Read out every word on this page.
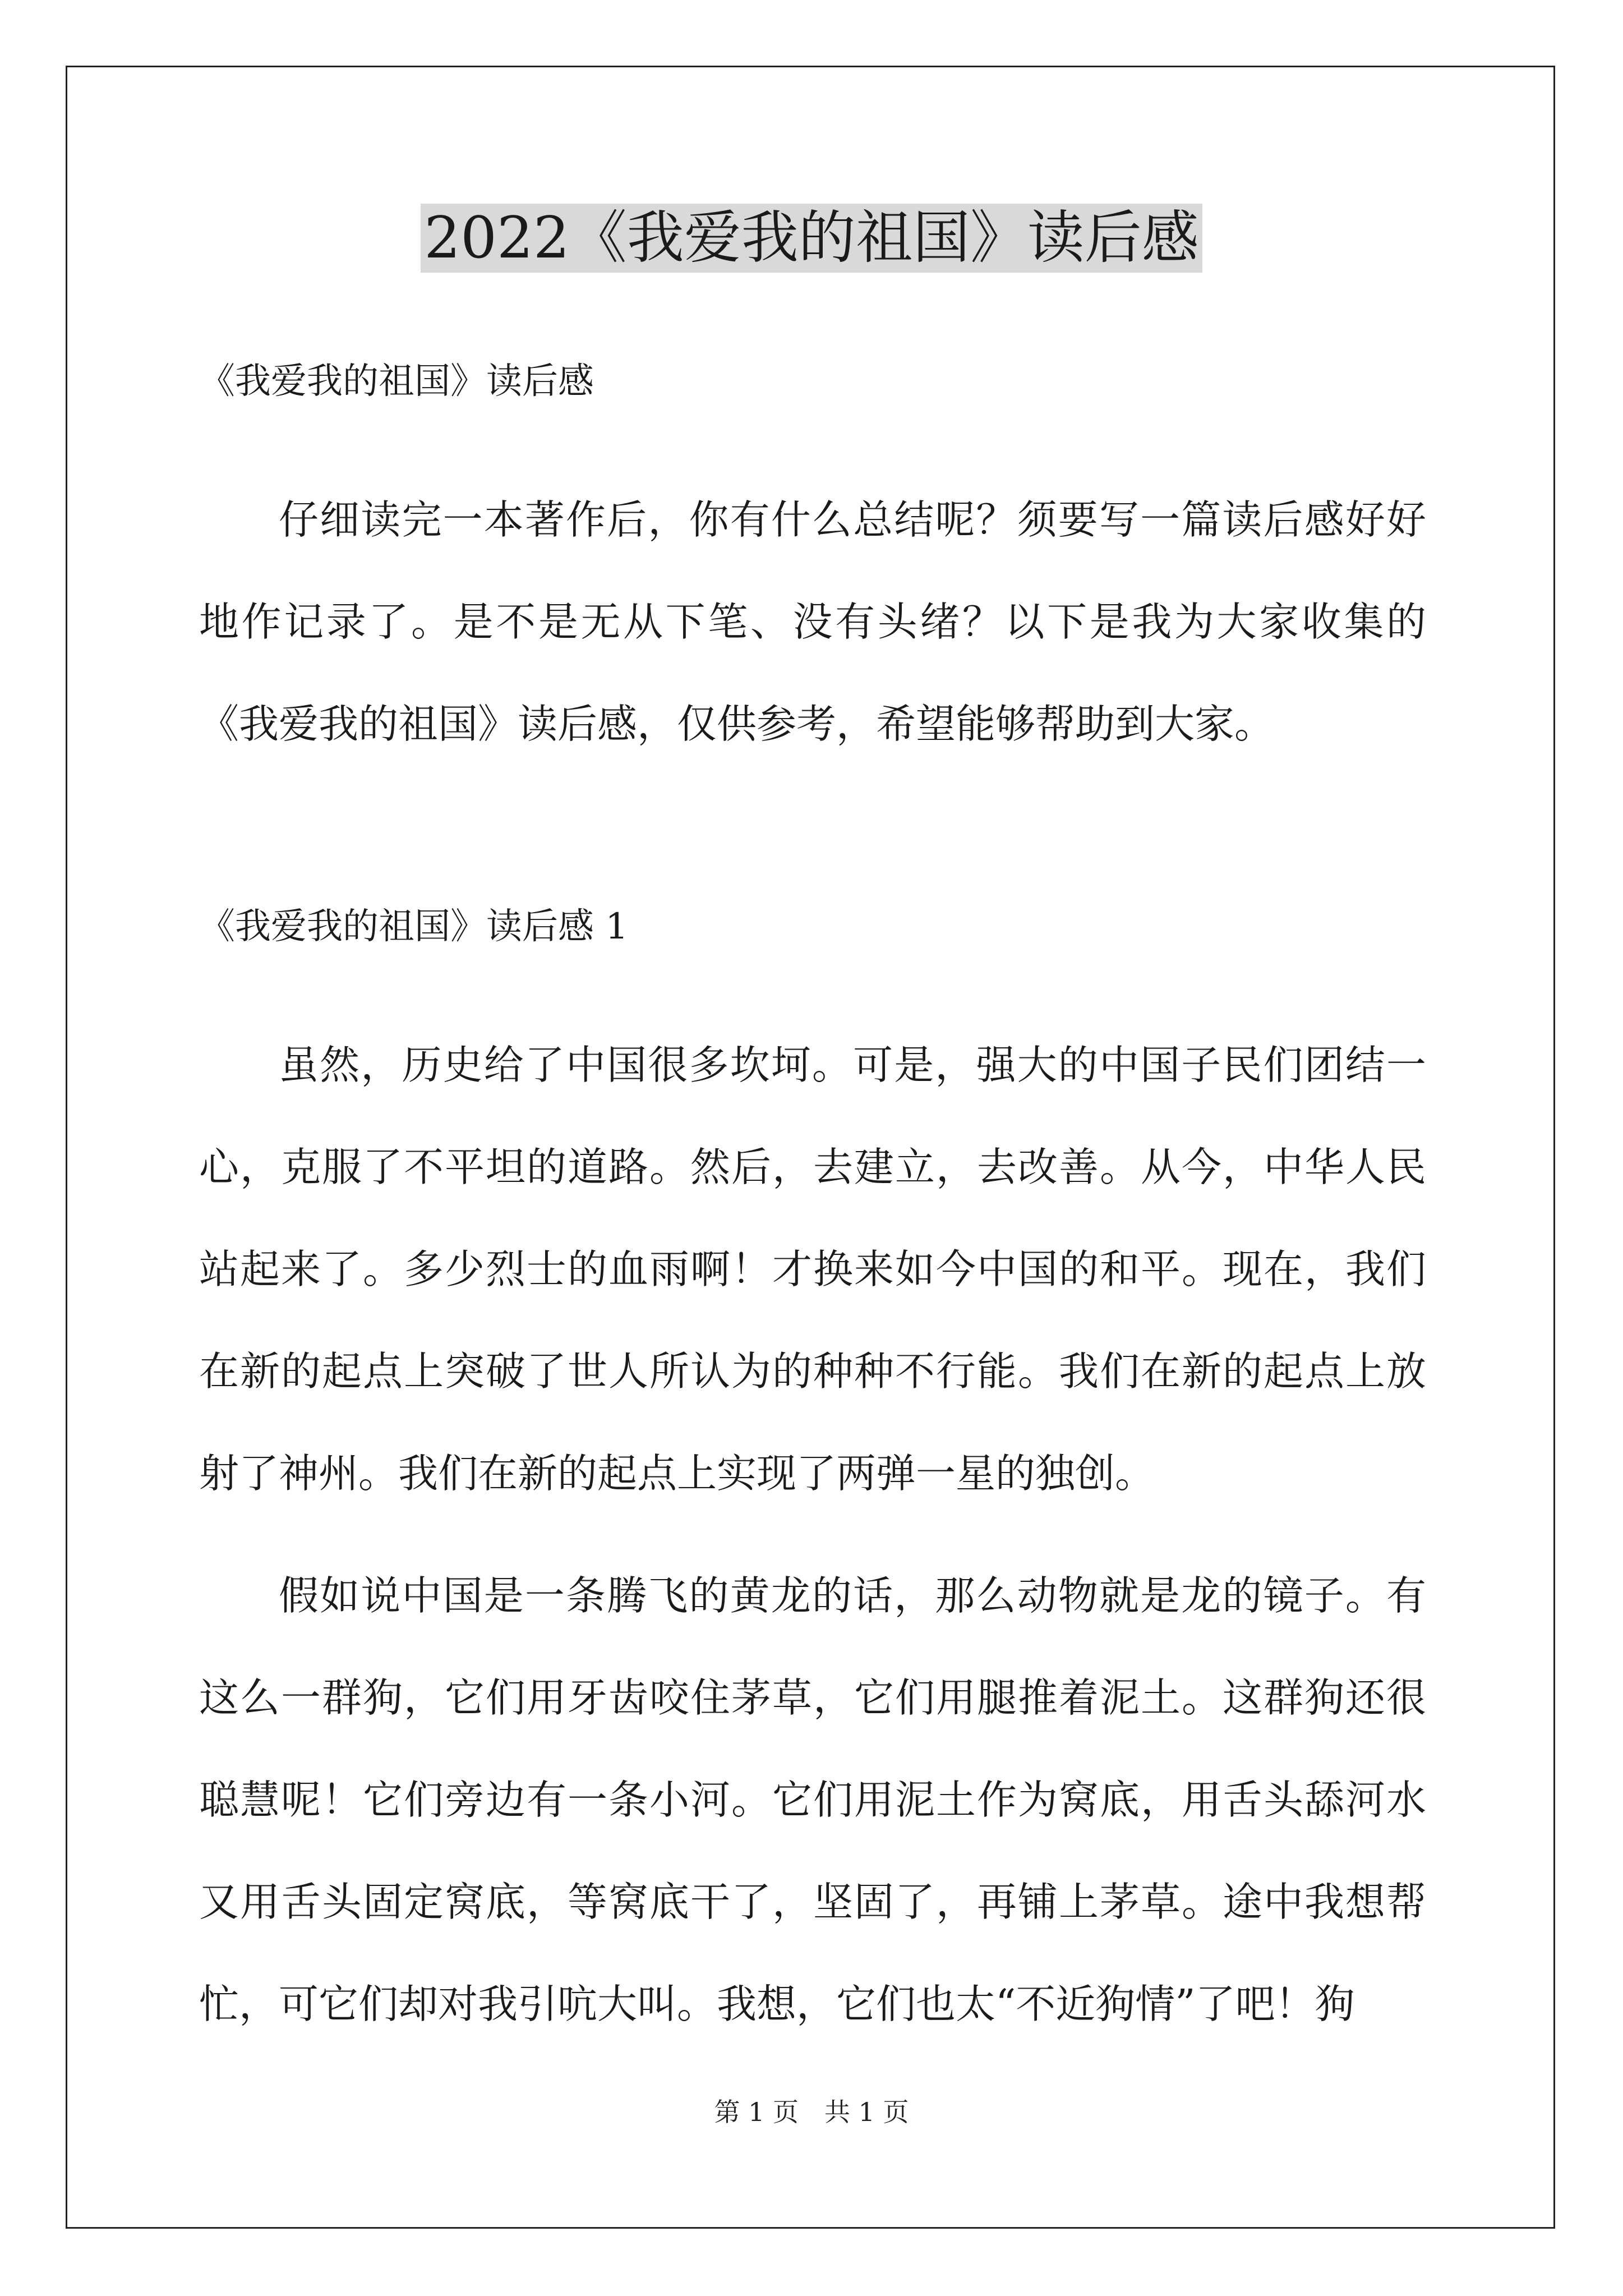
2022《我爱我的祖国》读后感

《我爱我的祖国》读后感

仔细读完一本著作后，你有什么总结呢？须要写一篇读后感好好地作记录了。是不是无从下笔、没有头绪？以下是我为大家收集的《我爱我的祖国》读后感，仅供参考，希望能够帮助到大家。

《我爱我的祖国》读后感 1

虽然，历史给了中国很多坎坷。可是，强大的中国子民们团结一心，克服了不平坦的道路。然后，去建立，去改善。从今，中华人民站起来了。多少烈士的血雨啊！才换来如今中国的和平。现在，我们在新的起点上突破了世人所认为的种种不行能。我们在新的起点上放射了神州。我们在新的起点上实现了两弹一星的独创。

假如说中国是一条腾飞的黄龙的话，那么动物就是龙的镜子。有这么一群狗，它们用牙齿咬住茅草，它们用腿推着泥土。这群狗还很聪慧呢！它们旁边有一条小河。它们用泥土作为窝底，用舌头舔河水又用舌头固定窝底，等窝底干了，坚固了，再铺上茅草。途中我想帮忙，可它们却对我引吭大叫。我想，它们也太“不近狗情”了吧！狗

第 1 页　共 1 页
